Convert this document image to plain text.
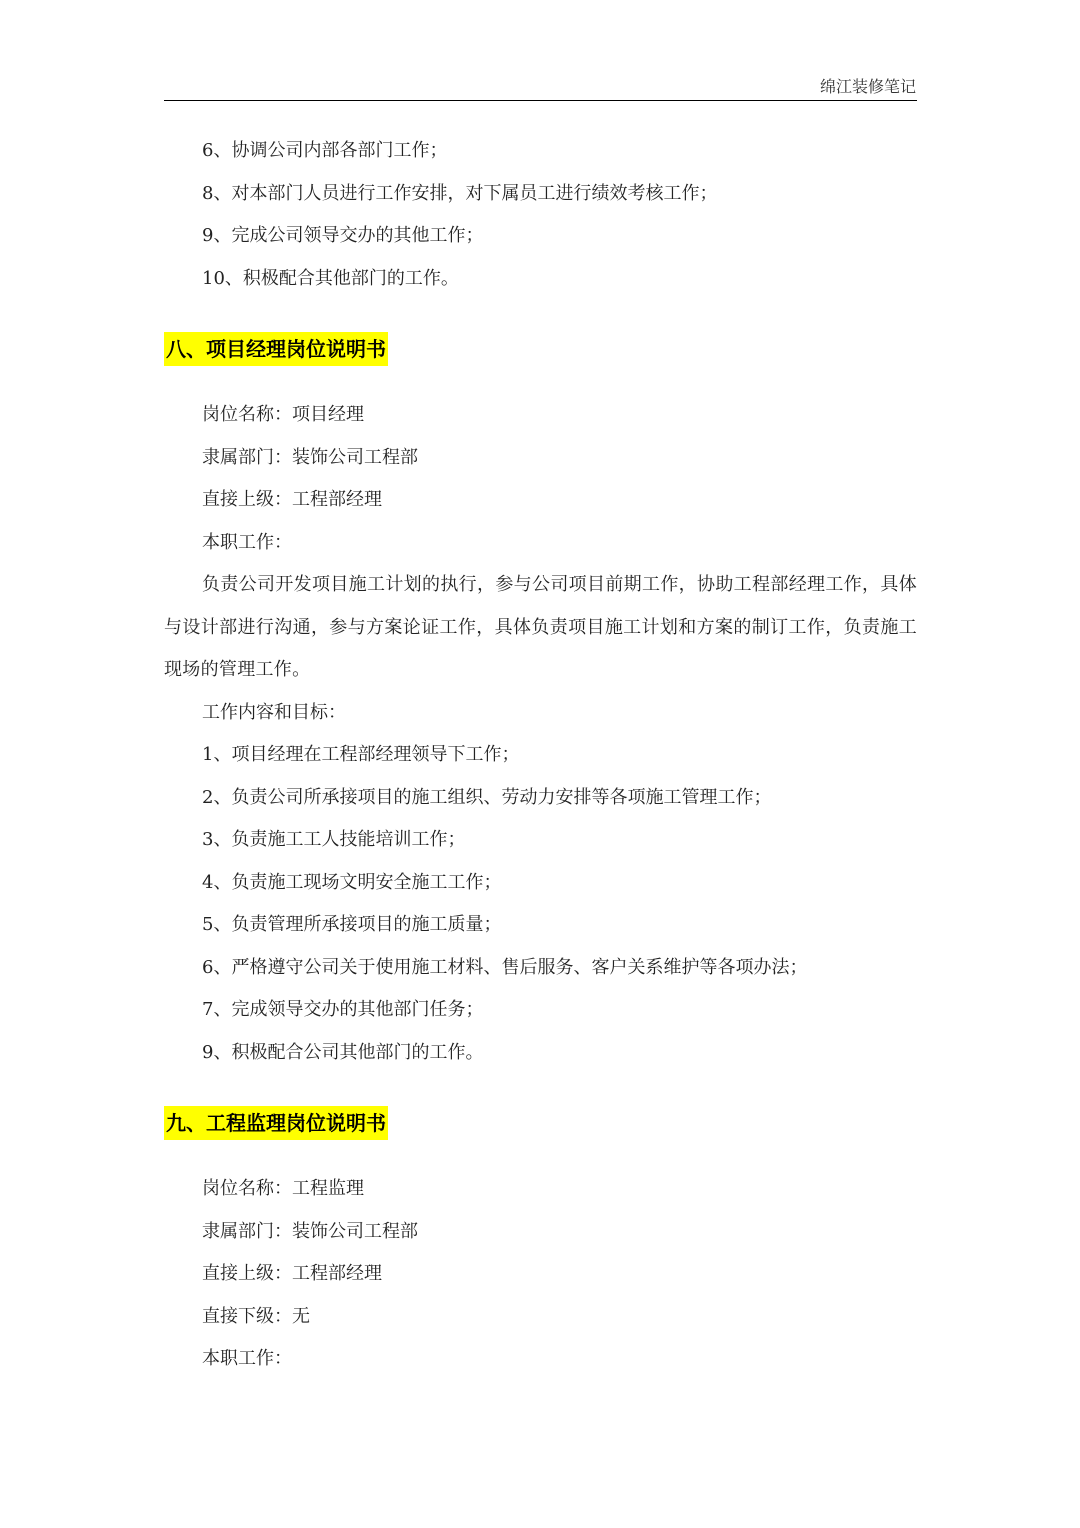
绵江装修笔记
6、协调公司内部各部门工作；
8、对本部门人员进行工作安排，对下属员工进行绩效考核工作；
9、完成公司领导交办的其他工作；
10、积极配合其他部门的工作。
八、项目经理岗位说明书
岗位名称：项目经理
隶属部门：装饰公司工程部
直接上级：工程部经理
本职工作：
负责公司开发项目施工计划的执行，参与公司项目前期工作，协助工程部经理工作，具体与设计部进行沟通，参与方案论证工作，具体负责项目施工计划和方案的制订工作，负责施工现场的管理工作。
工作内容和目标：
1、项目经理在工程部经理领导下工作；
2、负责公司所承接项目的施工组织、劳动力安排等各项施工管理工作；
3、负责施工工人技能培训工作；
4、负责施工现场文明安全施工工作；
5、负责管理所承接项目的施工质量；
6、严格遵守公司关于使用施工材料、售后服务、客户关系维护等各项办法；
7、完成领导交办的其他部门任务；
9、积极配合公司其他部门的工作。
九、工程监理岗位说明书
岗位名称：工程监理
隶属部门：装饰公司工程部
直接上级：工程部经理
直接下级：无
本职工作：
